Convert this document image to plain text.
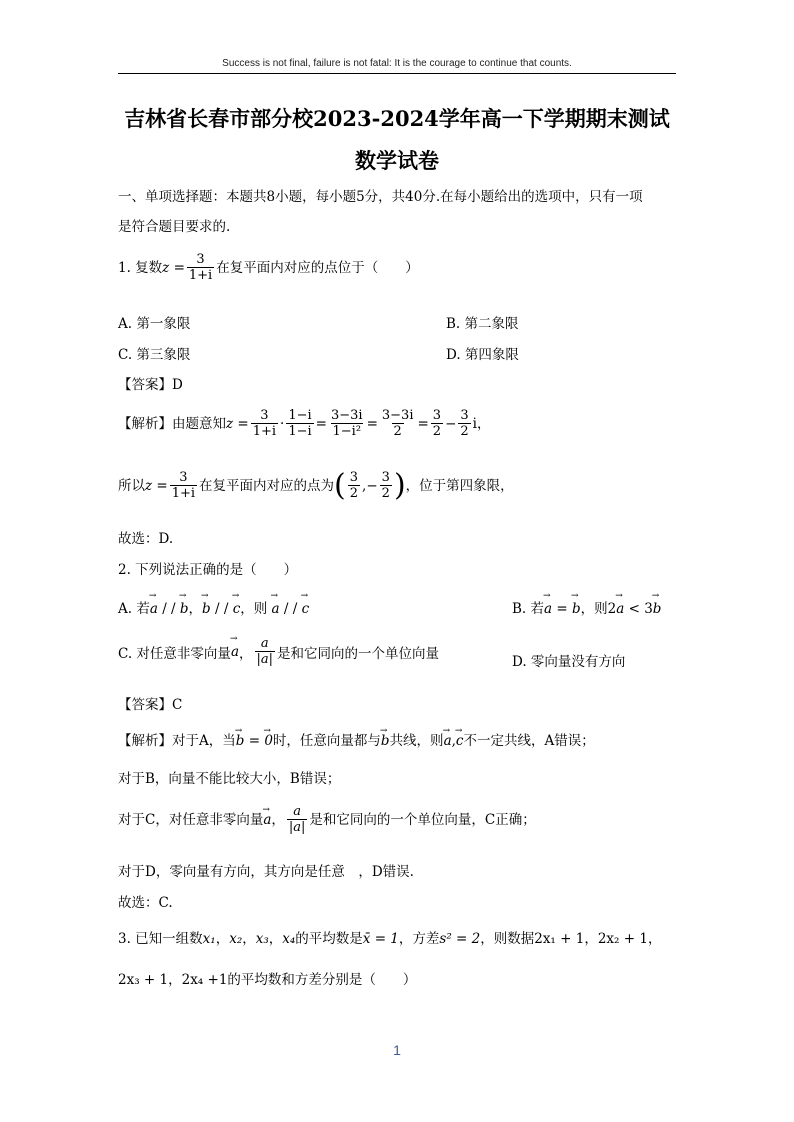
Success is not final, failure is not fatal: It is the courage to continue that counts.
吉林省长春市部分校2023-2024学年高一下学期期末测试
数学试卷
一、单项选择题：本题共8小题，每小题5分，共40分.在每小题给出的选项中，只有一项
是符合题目要求的.
1. 复数 $z = \frac{3}{1+i}$ 在复平面内对应的点位于（　　）
A. 第一象限	B. 第二象限
C. 第三象限	D. 第四象限
【答案】D
【解析】由题意知 $z = \frac{3}{1+i} \cdot \frac{1-i}{1-i} = \frac{3-3i}{\text{1−i²}} = \frac{3-3i}{2} = \frac{3}{2} - \frac{3}{2}$ i，
所以 $z = \frac{3}{1+i}$ 在复平面内对应的点为 ( $\frac{3}{2}$ ,− $\frac{3}{2}$ ) ，位于第四象限，
故选：D.
2. 下列说法正确的是（　　）
A. 若→ a / / → b，→ b / / → c，则 → a / / → c	B. 若→ a = → b，则2→ a < 3→ b
C. 对任意非零向量 → a ， $\frac{a}{|a|}$ 是和它同向的一个单位向量
D. 零向量没有方向
【答案】C
【解析】对于A，当→ b = → 0时，任意向量都与→ b共线，则→ a,→ c不一定共线，A错误；
对于B，向量不能比较大小，B错误；
对于C，对任意非零向量 → a ， $\frac{a}{|a|}$ 是和它同向的一个单位向量，C正确；
对于D，零向量有方向，其方向是任意　，D错误.
故选：C.
3. 已知一组数x₁，x₂，x₃，x₄的平均数是x̄ = 1，方差s² = 2，则数据2x₁ + 1，2x₂ + 1，
2x₃ + 1，2x₄ +1的平均数和方差分别是（　　）
1
